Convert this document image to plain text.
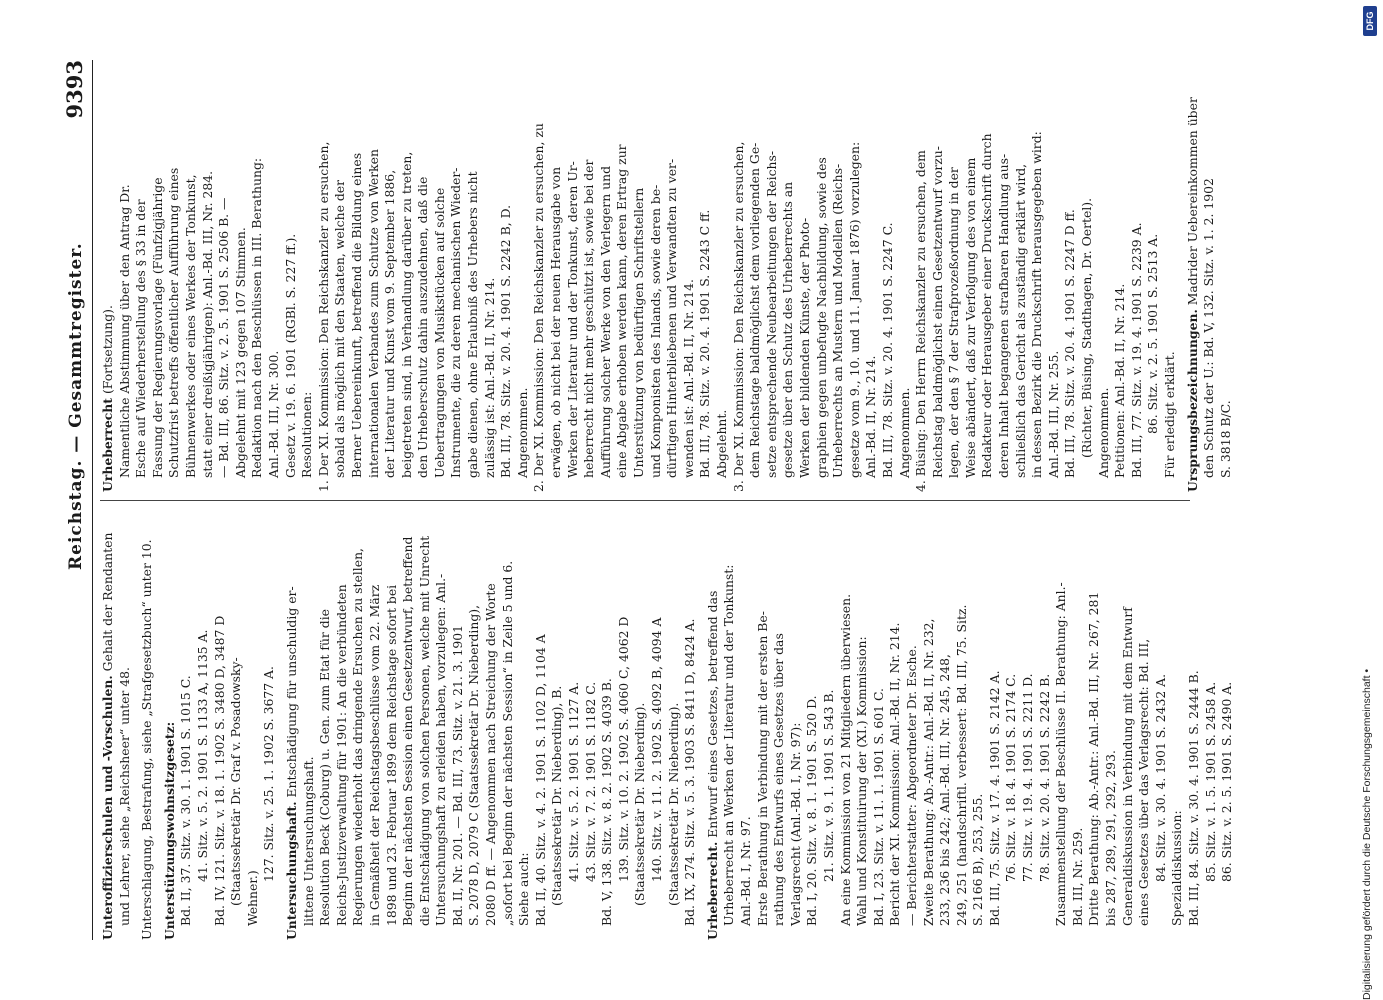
Reichstag. — Gesammtregister.
9393
Unteroffizierschulen und -Vorschulen. Gehalt der Rendanten
und Lehrer, siehe „Reichsheer“ unter 48. Unterschlagung, Bestrafung, siehe „Strafgesetzbuch“ unter 10. Unterstützungswohnsitzgesetz: Bd. II, 37. Sitz. v. 30. 1. 1901 S. 1015 C. 41. Sitz. v. 5. 2. 1901 S. 1133 A, 1135 A. Bd. IV, 121. Sitz. v. 18. 1. 1902 S. 3480 D, 3487 D (Staatssekretär Dr. Graf v. Posadowsky- Wehner.)
127. Sitz. v. 25. 1. 1902 S. 3677 A. Untersuchungshaft. Entschädigung für unschuldig er-
littene Untersuchungshaft. Resolution Beck (Coburg) u. Gen. zum Etat für die Reichs-Justizverwaltung für 1901: An die verbündeten Regierungen wiederholt das dringende Ersuchen zu stellen, in Gemäßheit der Reichstagsbeschlüsse vom 22. März 1898 und 23. Februar 1899 dem Reichstage sofort bei Beginn der nächsten Session einen Gesetzentwurf, betreffend die Entschädigung von solchen Personen, welche mit Unrecht Untersuchungshaft zu erleiden haben, vorzulegen: Anl.- Bd. II, Nr. 201. — Bd. III, 73. Sitz. v. 21. 3. 1901 S. 2078 D, 2079 C (Staatssekretär Dr. Nieberding), 2080 D ff. — Angenommen nach Streichung der Worte „sofort bei Beginn der nächsten Session“ in Zeile 5 und 6. Siehe auch: Bd. II, 40. Sitz. v. 4. 2. 1901 S. 1102 D, 1104 A (Staatssekretär Dr. Nieberding), B. 41. Sitz. v. 5. 2. 1901 S. 1127 A. 43. Sitz. v. 7. 2. 1901 S. 1182 C. Bd. V, 138. Sitz. v. 8. 2. 1902 S. 4039 B. 139. Sitz. v. 10. 2. 1902 S. 4060 C, 4062 D (Staatssekretär Dr. Nieberding). 140. Sitz. v. 11. 2. 1902 S. 4092 B, 4094 A (Staatssekretär Dr. Nieberding). Bd. IX, 274. Sitz. v. 5. 3. 1903 S. 8411 D, 8424 A. Urheberrecht. Entwurf eines Gesetzes, betreffend das Urheberrecht an Werken der Literatur und der Tonkunst: Anl.-Bd. I, Nr. 97. Erste Berathung in Verbindung mit der ersten Be- rathung des Entwurfs eines Gesetzes über das Verlagsrecht (Anl.-Bd. I, Nr. 97): Bd. I, 20. Sitz. v. 8. 1. 1901 S. 520 D. 21. Sitz. v. 9. 1. 1901 S. 543 B. An eine Kommission von 21 Mitgliedern überwiesen. Wahl und Konstituirung der (XI.) Kommission: Bd. I, 23. Sitz. v. 11. 1. 1901 S. 601 C. Bericht der XI. Kommission: Anl.-Bd. II, Nr. 214. — Berichterstatter: Abgeordneter Dr. Esche. Zweite Berathung: Ab.-Antr.: Anl.-Bd. II, Nr. 232, 233, 236 bis 242; Anl.-Bd. III, Nr. 245, 248, 249, 251 (handschriftl. verbessert: Bd. III, 75. Sitz. S. 2166 B), 253, 255. Bd. III, 75. Sitz. v. 17. 4. 1901 S. 2142 A. 76. Sitz. v. 18. 4. 1901 S. 2174 C. 77. Sitz. v. 19. 4. 1901 S. 2211 D. 78. Sitz. v. 20. 4. 1901 S. 2242 B. Zusammenstellung der Beschlüsse II. Berathung: Anl.- Bd. III, Nr. 259. Dritte Berathung: Ab.-Antr.: Anl.-Bd. III, Nr. 267, 281 bis 287, 289, 291, 292, 293. Generaldiskussion in Verbindung mit dem Entwurf eines Gesetzes über das Verlagsrecht: Bd. III, 84. Sitz. v. 30. 4. 1901 S. 2432 A. Spezialdiskussion: Bd. III, 84. Sitz. v. 30. 4. 1901 S. 2444 B. 85. Sitz. v. 1. 5. 1901 S. 2458 A. 86. Sitz. v. 2. 5. 1901 S. 2490 A.
Urheberrecht (Fortsetzung). Namentliche Abstimmung über den Antrag Dr. Esche auf Wiederherstellung des § 33 in der Fassung der Regierungsvorlage (Fünfzigjährige Schutzfrist betreffs öffentlicher Aufführung eines Bühnenwerkes oder eines Werkes der Tonkunst, statt einer dreißigjährigen): Anl.-Bd. III, Nr. 284. — Bd. III, 86. Sitz. v. 2. 5. 1901 S. 2506 B. — Abgelehnt mit 123 gegen 107 Stimmen. Redaktion nach den Beschlüssen in III. Berathung: Anl.-Bd. III, Nr. 300. Gesetz v. 19. 6. 1901 (RGBl. S. 227 ff.). Resolutionen: 1. Der XI. Kommission: Den Reichskanzler zu ersuchen, sobald als möglich mit den Staaten, welche der Berner Uebereinkunft, betreffend die Bildung eines internationalen Verbandes zum Schutze von Werken der Literatur und Kunst vom 9. September 1886, beigetreten sind, in Verhandlung darüber zu treten, den Urheberschutz dahin auszudehnen, daß die Uebertragungen von Musikstücken auf solche Instrumente, die zu deren mechanischen Wieder- gabe dienen, ohne Erlaubniß des Urhebers nicht zulässig ist: Anl.-Bd. II, Nr. 214. Bd. III, 78. Sitz. v. 20. 4. 1901 S. 2242 B, D. Angenommen. 2. Der XI. Kommission: Den Reichskanzler zu ersuchen, zu erwägen, ob nicht bei der neuen Herausgabe von Werken der Literatur und der Tonkunst, deren Ur- heberrecht nicht mehr geschützt ist, sowie bei der Aufführung solcher Werke von den Verlegern und eine Abgabe erhoben werden kann, deren Ertrag zur Unterstützung von bedürftigen Schriftstellern und Komponisten des Inlands, sowie deren be- dürftigen Hinterbliebenen und Verwandten zu ver- wenden ist: Anl.-Bd. II, Nr. 214. Bd. III, 78. Sitz. v. 20. 4. 1901 S. 2243 C ff. Abgelehnt. 3. Der XI. Kommission: Den Reichskanzler zu ersuchen, dem Reichstage baldmöglichst dem vorliegenden Ge- setze entsprechende Neubearbeitungen der Reichs- gesetze über den Schutz des Urheberrechts an Werken der bildenden Künste, der Photo- graphien gegen unbefugte Nachbildung, sowie des Urheberrechts an Mustern und Modellen (Reichs- gesetze vom 9., 10. und 11. Januar 1876) vorzulegen: Anl.-Bd. II, Nr. 214. Bd. III, 78. Sitz. v. 20. 4. 1901 S. 2247 C. Angenommen. 4. Büsing: Den Herrn Reichskanzler zu ersuchen, dem Reichstag baldmöglichst einen Gesetzentwurf vorzu- legen, der den § 7 der Strafprozeßordnung in der Weise abändert, daß zur Verfolgung des von einem Redakteur oder Herausgeber einer Druckschrift durch deren Inhalt begangenen strafbaren Handlung aus- schließlich das Gericht als zuständig erklärt wird, in dessen Bezirk die Druckschrift herausgegeben wird: Anl.-Bd. III, Nr. 255. Bd. III, 78. Sitz. v. 20. 4. 1901 S. 2247 D ff. (Richter, Büsing, Stadthagen, Dr. Oertel). Angenommen. Petitionen: Anl.-Bd. II, Nr. 214. Bd. III, 77. Sitz. v. 19. 4. 1901 S. 2239 A. 86. Sitz. v. 2. 5. 1901 S. 2513 A. Für erledigt erklärt. Ursprungsbezeichnungen. Madrider Uebereinkommen über den Schutz der U.: Bd. V, 132. Sitz. v. 1. 2. 1902 S. 3818 B/C.
DFG
Digitalisierung gefördert durch die Deutsche Forschungsgemeinschaft •
